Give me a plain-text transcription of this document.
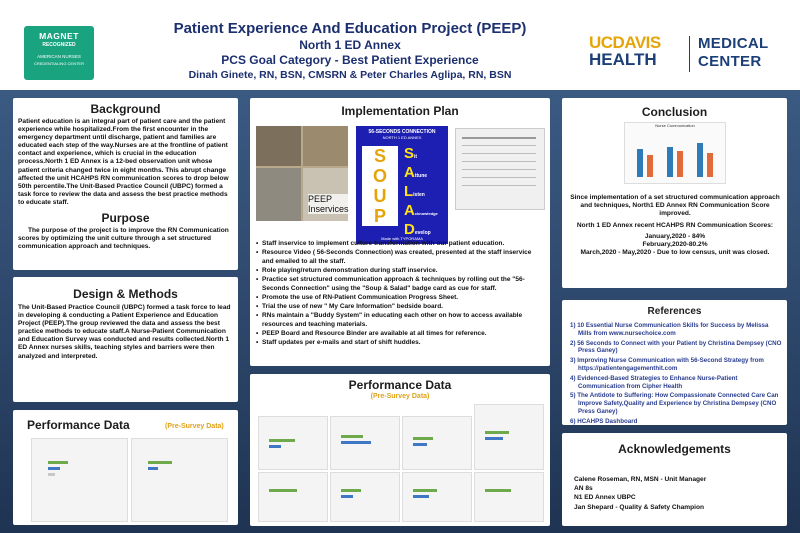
MAGNET
RECOGNIZED
AMERICAN NURSES
CREDENTIALING CENTER
Patient Experience And Education Project (PEEP)
North 1 ED Annex
PCS Goal Category - Best Patient Experience
Dinah Ginete, RN, BSN, CMSRN & Peter Charles Aglipa, RN, BSN
UCDAVIS
HEALTH
MEDICAL
CENTER
Background
Patient education is an integral part of patient care and the patient experience while hospitalized.From the first encounter in the emergency department until discharge, patient and families are educated each step of the way.Nurses are at the frontline of patient contact and experience, which is crucial in the education process.North 1 ED Annex is a 12-bed observation unit whose patient criteria changed twice in eight months. This abrupt change affected the unit HCAHPS RN communication scores to drop below 50th percentile.The Unit-Based Practice Council (UBPC) formed a task force to review the data and assess the best practice methods to educate staff.
Purpose
The purpose of the project is to improve the RN Communication scores by optimizing the unit culture through a set structured communication approach and techniques.
Design & Methods
The Unit-Based Practice Council (UBPC) formed a task force to lead in developing & conducting a Patient Experience and Education Project (PEEP).The group reviewed the data and assess the best practice methods to educate staff.A Nurse-Patient Communication and Education Survey was conducted and results collected.North 1 ED Annex nurses skills, teaching styles and barriers were then analyzed and interpreted.
Performance Data	(Pre-Survey Data)
Implementation Plan
PEEP Inservices
56-SECONDS CONNECTION
NORTH 1 ED ANNEX
S
O
U
P
Sit
Attune
Listen
Acknowledge
Develop
Made with TYPORAMA
• Staff inservice to implement culture transformation with our patient education.
• Resource Video ( 56-Seconds Connection) was created, presented at the staff inservice and emailed to all the staff.
• Role playing/return demonstration during staff inservice.
• Practice set structured communication approach & techniques by rolling out the "56-Seconds Connection" using the "Soup & Salad" badge card as cue for staff.
• Promote the use of RN-Patient Communication Progress Sheet.
• Trial the use of new " My Care Information" bedside board.
• RNs maintain a "Buddy System" in educating each other on how to access available resources and teaching materials.
• PEEP Board and Resource Binder are available at all times for reference.
• Staff updates per e-mails and start of shift huddles.
Performance Data
(Pre-Survey Data)
Conclusion
Nurse Communication
Since implementation of a set structured communication approach and techniques, North1 ED Annex RN Communication Score improved.
North 1 ED Annex recent HCAHPS RN Communication Scores:
January,2020 - 84%
February,2020-80.2%
March,2020 - May,2020 - Due to low census, unit was closed.
References
1) 10 Essential Nurse Communication Skills for Success by Melissa Mills from www.nursechoice.com
2) 56 Seconds to Connect with your Patient by Christina Dempsey (CNO Press Ganey)
3) Improving Nurse Communication with 56-Second Strategy from https://patientengagementhit.com
4) Evidenced-Based Strategies to Enhance Nurse-Patient Communication from Cipher Health
5) The Antidote to Suffering: How Compassionate Connected Care Can Improve Safety,Quality and Experience by Christina Dempsey (CNO Press Ganey)
6) HCAHPS Dashboard
Acknowledgements
Calene Roseman, RN, MSN - Unit Manager
AN 8s
N1 ED Annex UBPC
Jan Shepard - Quality & Safety Champion
